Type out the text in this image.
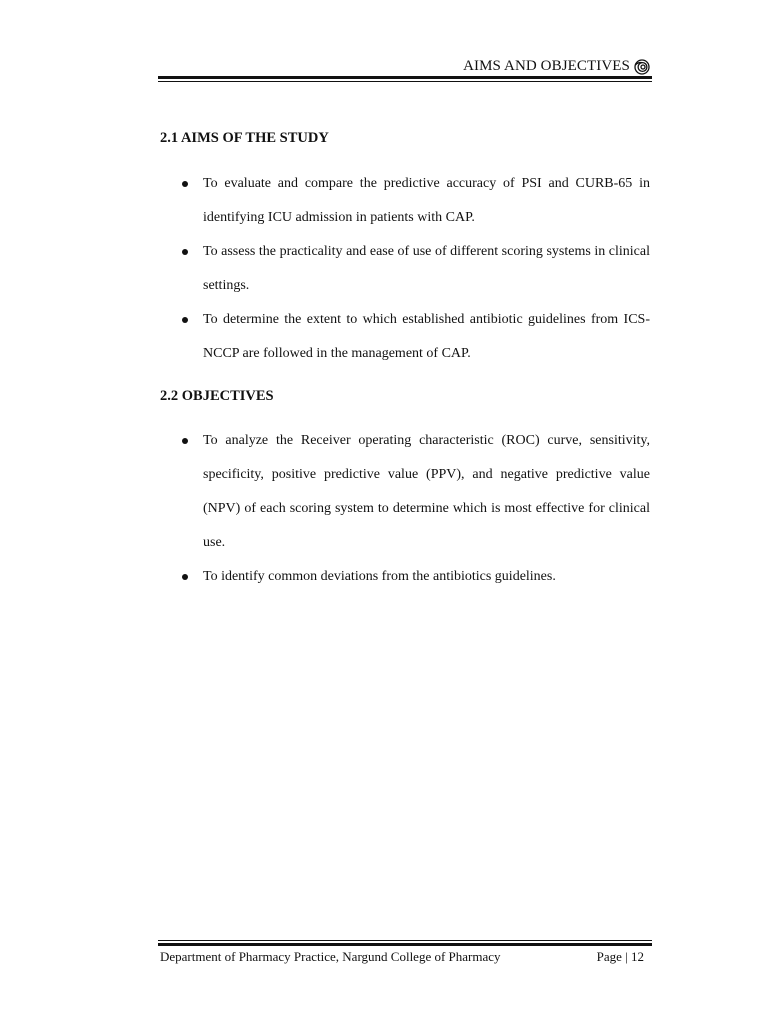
AIMS AND OBJECTIVES
2.1 AIMS OF THE STUDY
To evaluate and compare the predictive accuracy of PSI and CURB-65 in identifying ICU admission in patients with CAP.
To assess the practicality and ease of use of different scoring systems in clinical settings.
To determine the extent to which established antibiotic guidelines from ICS-NCCP are followed in the management of CAP.
2.2 OBJECTIVES
To analyze the Receiver operating characteristic (ROC) curve, sensitivity, specificity, positive predictive value (PPV), and negative predictive value (NPV) of each scoring system to determine which is most effective for clinical use.
To identify common deviations from the antibiotics guidelines.
Department of Pharmacy Practice, Nargund College of Pharmacy	Page | 12
